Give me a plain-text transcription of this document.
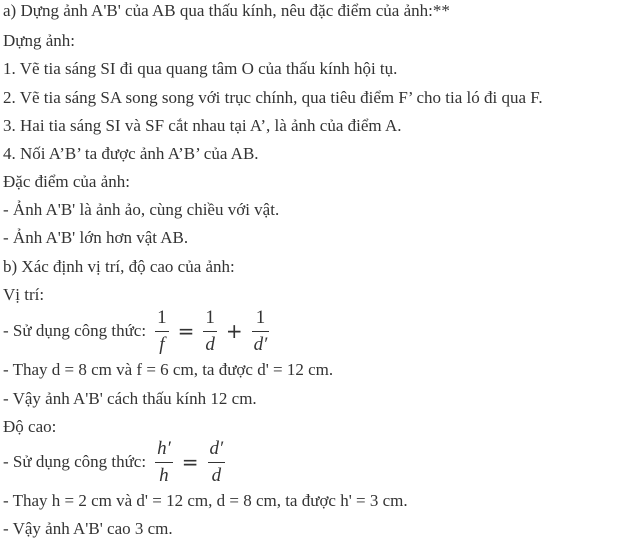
a) Dựng ảnh A'B' của AB qua thấu kính, nêu đặc điểm của ảnh:**
Dựng ảnh:
1. Vẽ tia sáng SI đi qua quang tâm O của thấu kính hội tụ.
2. Vẽ tia sáng SA song song với trục chính, qua tiêu điểm F’ cho tia ló đi qua F.
3. Hai tia sáng SI và SF cắt nhau tại A’, là ảnh của điểm A.
4. Nối A’B’ ta được ảnh A’B’ của AB.
Đặc điểm của ảnh:
- Ảnh A'B' là ảnh ảo, cùng chiều với vật.
- Ảnh A'B' lớn hơn vật AB.
b) Xác định vị trí, độ cao của ảnh:
Vị trí:
- Sử dụng công thức: $\frac{1}{f} = \frac{1}{d} + \frac{1}{d'}$
- Thay d = 8 cm và f = 6 cm, ta được d' = 12 cm.
- Vậy ảnh A'B' cách thấu kính 12 cm.
Độ cao:
- Sử dụng công thức: $\frac{h'}{h} = \frac{d'}{d}$
- Thay h = 2 cm và d' = 12 cm, d = 8 cm, ta được h' = 3 cm.
- Vậy ảnh A'B' cao 3 cm.
